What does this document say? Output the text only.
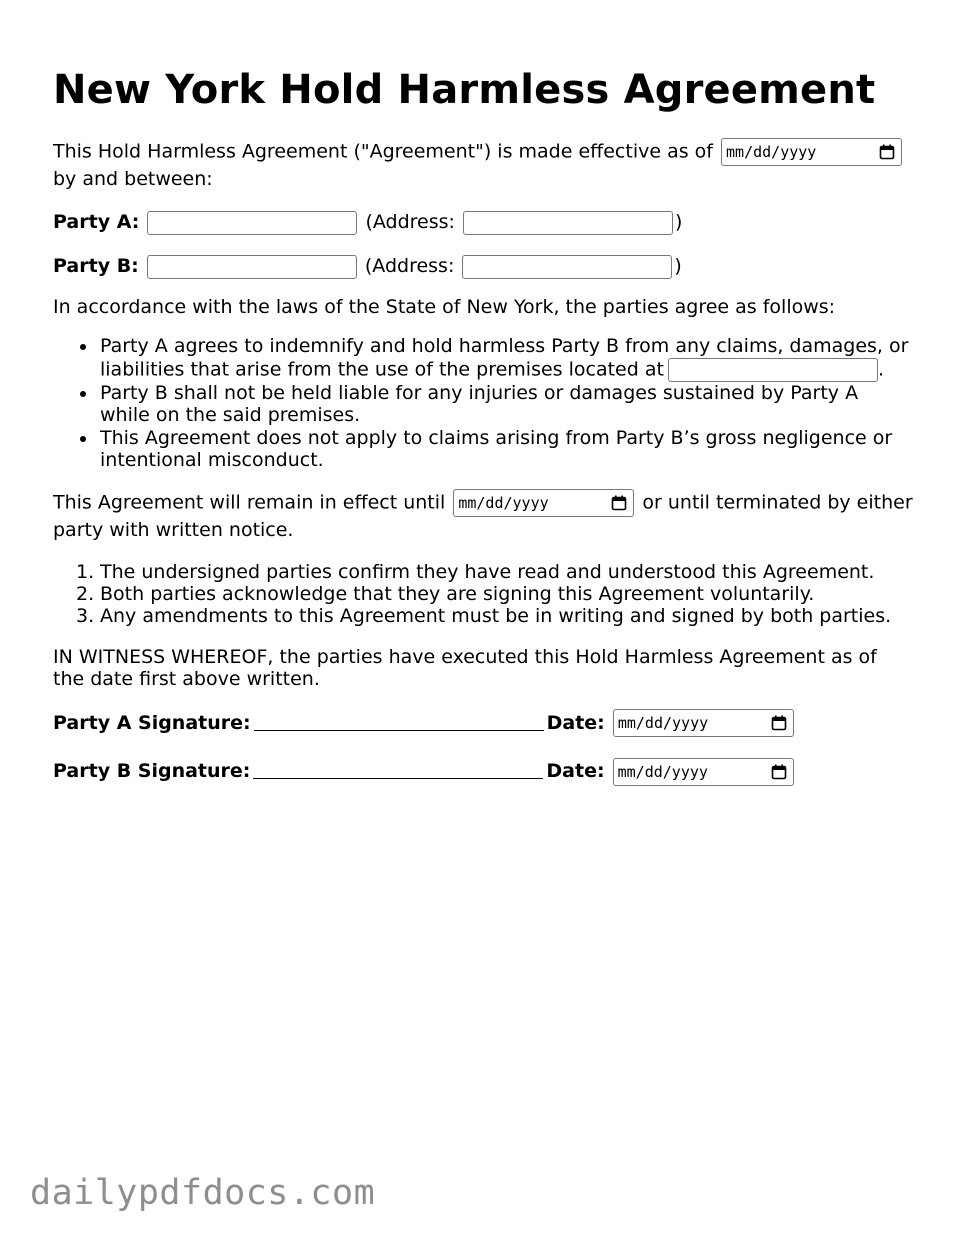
New York Hold Harmless Agreement

This Hold Harmless Agreement ("Agreement") is made effective as of mm/dd/yyyy

by and between:

Party A:	(Address:	)

Party B:	(Address:	)

In accordance with the laws of the State of New York, the parties agree as follows:

Party A agrees to indemnify and hold harmless Party B from any claims, damages, or liabilities that arise from the use of the premises located at	.
Party B shall not be held liable for any injuries or damages sustained by Party A while on the said premises.
This Agreement does not apply to claims arising from Party B’s gross negligence or intentional misconduct.

This Agreement will remain in effect until mm/dd/yyyy	or until terminated by either party with written notice.

1. The undersigned parties confirm they have read and understood this Agreement.
2. Both parties acknowledge that they are signing this Agreement voluntarily.
3. Any amendments to this Agreement must be in writing and signed by both parties.

IN WITNESS WHEREOF, the parties have executed this Hold Harmless Agreement as of the date first above written.

Party A Signature:	Date: mm/dd/yyyy

Party B Signature:	Date: mm/dd/yyyy

dailypdfdocs.com
